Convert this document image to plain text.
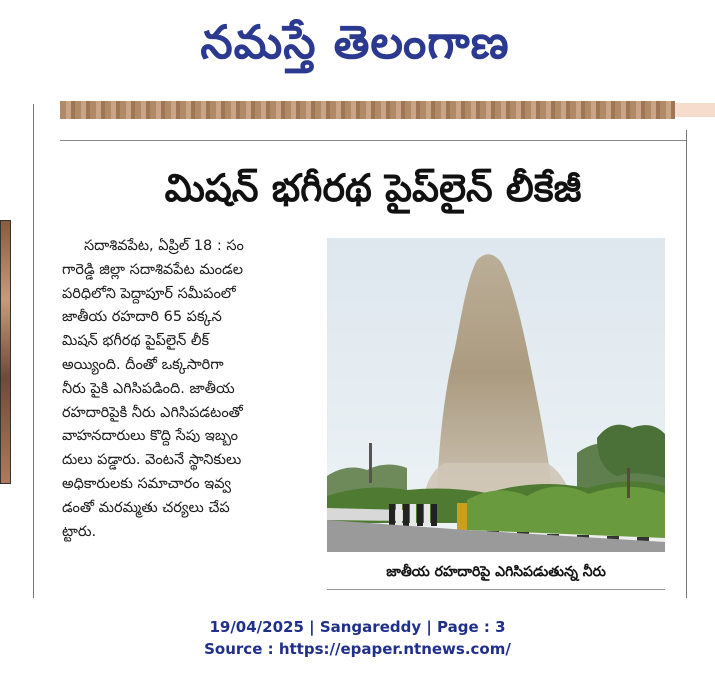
నమస్తే తెలంగాణ
మిషన్ భగీరథ పైప్‌లైన్ లీకేజీ
సదాశివపేట, ఏప్రిల్ 18 : సం
గారెడ్డి జిల్లా సదాశివపేట మండల
పరిధిలోని పెద్దాపూర్ సమీపంలో
జాతీయ రహదారి 65 పక్కన
మిషన్ భగీరథ పైప్‌లైన్ లీక్
అయ్యింది. దీంతో ఒక్కసారిగా
నీరు పైకి ఎగిసిపడింది. జాతీయ
రహదారిపైకి నీరు ఎగిసిపడటంతో
వాహనదారులు కొద్ది సేపు ఇబ్బం
దులు పడ్డారు. వెంటనే స్థానికులు
అధికారులకు సమాచారం ఇవ్వ
డంతో మరమ్మతు చర్యలు చేప
ట్టారు.
జాతీయ రహదారిపై ఎగిసిపడుతున్న నీరు
19/04/2025 | Sangareddy | Page : 3
Source : https://epaper.ntnews.com/
